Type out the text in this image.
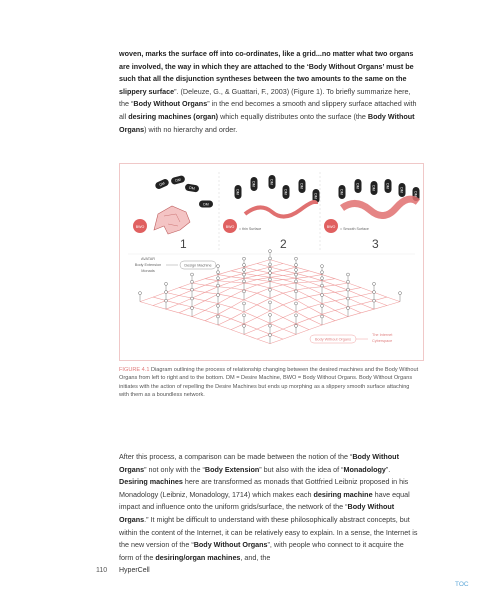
woven, marks the surface off into co-ordinates, like a grid...no matter what two organs are involved, the way in which they are attached to the ‘Body Without Organs’ must be such that all the disjunction syntheses between the two amounts to the same on the slippery surface”. (Deleuze, G., & Guattari, F., 2003) (Figure 1). To briefly summarize here, the “Body Without Organs” in the end becomes a smooth and slippery surface attached with all desiring machines (organ) which equally distributes onto the surface (the Body Without Organs) with no hierarchy and order.

DM
DM
DM
DM
BWO
1
DM
DM	DM
DM
DM
DM
BWO = thin Surface
2
DM
DM	DM	DM
DM
DM
BWO = Smooth Surface
3
AVATAR
Body Extension
Monads
Design Machine
Body Without Organs
The Internet
Cyberspace

FIGURE 4.1 Diagram outlining the process of relationship changing between the desired machines and the Body Without Organs from left to right and to the bottom. DM = Desire Machine, BWO = Body Without Organs. Body Without Organs initiates with the action of repelling the Desire Machines but ends up morphing as a slippery smooth surface attaching with them as a boundless network.

After this process, a comparison can be made between the notion of the “Body Without Organs” not only with the “Body Extension” but also with the idea of “Monadology”. Desiring machines here are transformed as monads that Gottfried Leibniz proposed in his Monadology (Leibniz, Monadology, 1714) which makes each desiring machine have equal impact and influence onto the uniform grids/surface, the network of the “Body Without Organs.” It might be difficult to understand with these philosophically abstract concepts, but within the content of the Internet, it can be relatively easy to explain. In a sense, the Internet is the new version of the “Body Without Organs”, with people who connect to it acquire the form of the desiring/organ machines, and, the

110 HyperCell
TOC
